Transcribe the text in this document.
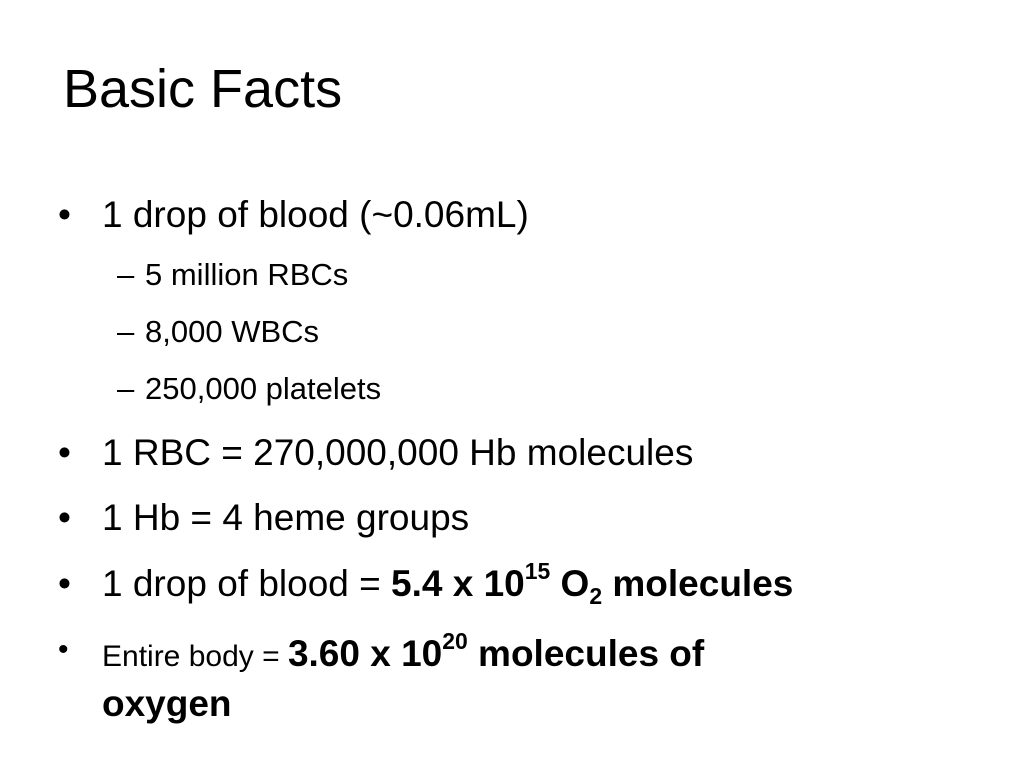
Basic Facts
• 1 drop of blood (~0.06mL)
– 5 million RBCs
– 8,000 WBCs
– 250,000 platelets
• 1 RBC = 270,000,000 Hb molecules
• 1 Hb = 4 heme groups
• 1 drop of blood = 5.4 x $10^{15}$ $O_2$ molecules
• Entire body = 3.60 x $10^{20}$ molecules of
oxygen
